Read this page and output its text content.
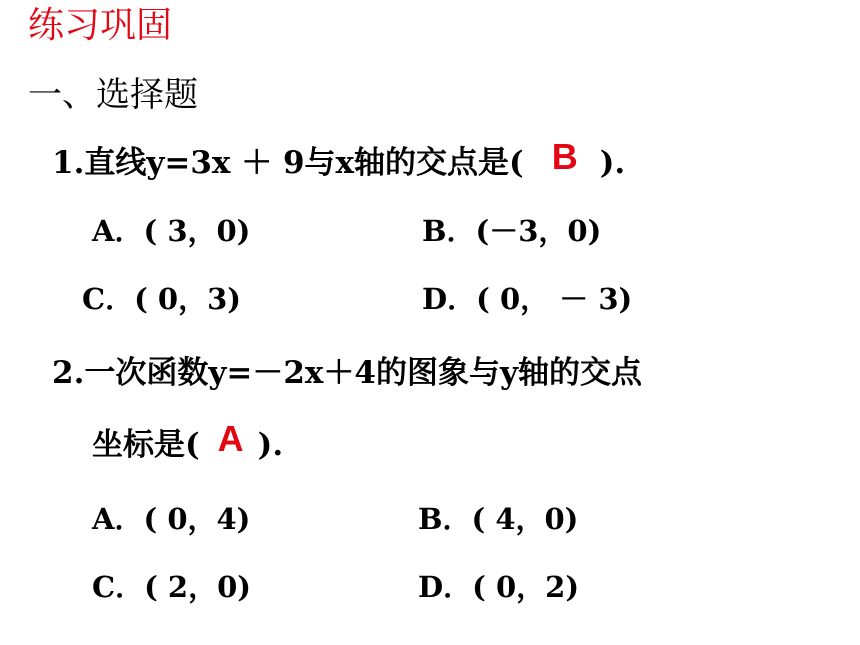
练习巩固
一、选择题
1.直线y=3x ＋ 9与x轴的交点是( B ).
A．( 3，0)	B．(－3，0)
C．( 0，3)	D．( 0， － 3)
2.一次函数y=－2x＋4的图象与y轴的交点
坐标是( A ).
A．( 0，4)	B．( 4，0)
C．( 2，0)	D．( 0，2)
